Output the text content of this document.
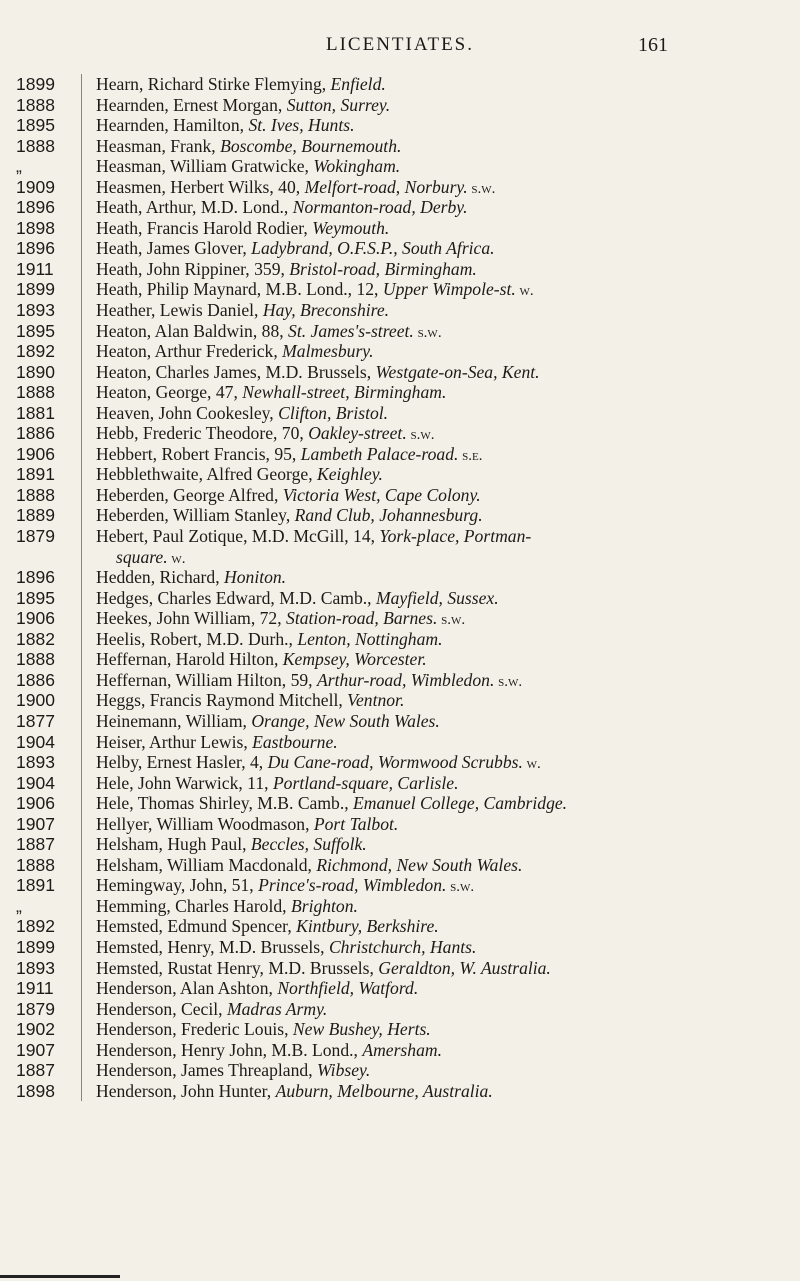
LICENTIATES.	161
1899	Hearn, Richard Stirke Flemying, Enfield.
1888	Hearnden, Ernest Morgan, Sutton, Surrey.
1895	Hearnden, Hamilton, St. Ives, Hunts.
1888	Heasman, Frank, Boscombe, Bournemouth.
„	Heasman, William Gratwicke, Wokingham.
1909	Heasmen, Herbert Wilks, 40, Melfort-road, Norbury. s.w.
1896	Heath, Arthur, M.D. Lond., Normanton-road, Derby.
1898	Heath, Francis Harold Rodier, Weymouth.
1896	Heath, James Glover, Ladybrand, O.F.S.P., South Africa.
1911	Heath, John Rippiner, 359, Bristol-road, Birmingham.
1899	Heath, Philip Maynard, M.B. Lond., 12, Upper Wimpole-st. w.
1893	Heather, Lewis Daniel, Hay, Breconshire.
1895	Heaton, Alan Baldwin, 88, St. James's-street. s.w.
1892	Heaton, Arthur Frederick, Malmesbury.
1890	Heaton, Charles James, M.D. Brussels, Westgate-on-Sea, Kent.
1888	Heaton, George, 47, Newhall-street, Birmingham.
1881	Heaven, John Cookesley, Clifton, Bristol.
1886	Hebb, Frederic Theodore, 70, Oakley-street. s.w.
1906	Hebbert, Robert Francis, 95, Lambeth Palace-road. s.e.
1891	Hebblethwaite, Alfred George, Keighley.
1888	Heberden, George Alfred, Victoria West, Cape Colony.
1889	Heberden, William Stanley, Rand Club, Johannesburg.
1879	Hebert, Paul Zotique, M.D. McGill, 14, York-place, Portman-
square. w.
1896	Hedden, Richard, Honiton.
1895	Hedges, Charles Edward, M.D. Camb., Mayfield, Sussex.
1906	Heekes, John William, 72, Station-road, Barnes. s.w.
1882	Heelis, Robert, M.D. Durh., Lenton, Nottingham.
1888	Heffernan, Harold Hilton, Kempsey, Worcester.
1886	Heffernan, William Hilton, 59, Arthur-road, Wimbledon. s.w.
1900	Heggs, Francis Raymond Mitchell, Ventnor.
1877	Heinemann, William, Orange, New South Wales.
1904	Heiser, Arthur Lewis, Eastbourne.
1893	Helby, Ernest Hasler, 4, Du Cane-road, Wormwood Scrubbs. w.
1904	Hele, John Warwick, 11, Portland-square, Carlisle.
1906	Hele, Thomas Shirley, M.B. Camb., Emanuel College, Cambridge.
1907	Hellyer, William Woodmason, Port Talbot.
1887	Helsham, Hugh Paul, Beccles, Suffolk.
1888	Helsham, William Macdonald, Richmond, New South Wales.
1891	Hemingway, John, 51, Prince's-road, Wimbledon. s.w.
„	Hemming, Charles Harold, Brighton.
1892	Hemsted, Edmund Spencer, Kintbury, Berkshire.
1899	Hemsted, Henry, M.D. Brussels, Christchurch, Hants.
1893	Hemsted, Rustat Henry, M.D. Brussels, Geraldton, W. Australia.
1911	Henderson, Alan Ashton, Northfield, Watford.
1879	Henderson, Cecil, Madras Army.
1902	Henderson, Frederic Louis, New Bushey, Herts.
1907	Henderson, Henry John, M.B. Lond., Amersham.
1887	Henderson, James Threapland, Wibsey.
1898	Henderson, John Hunter, Auburn, Melbourne, Australia.
